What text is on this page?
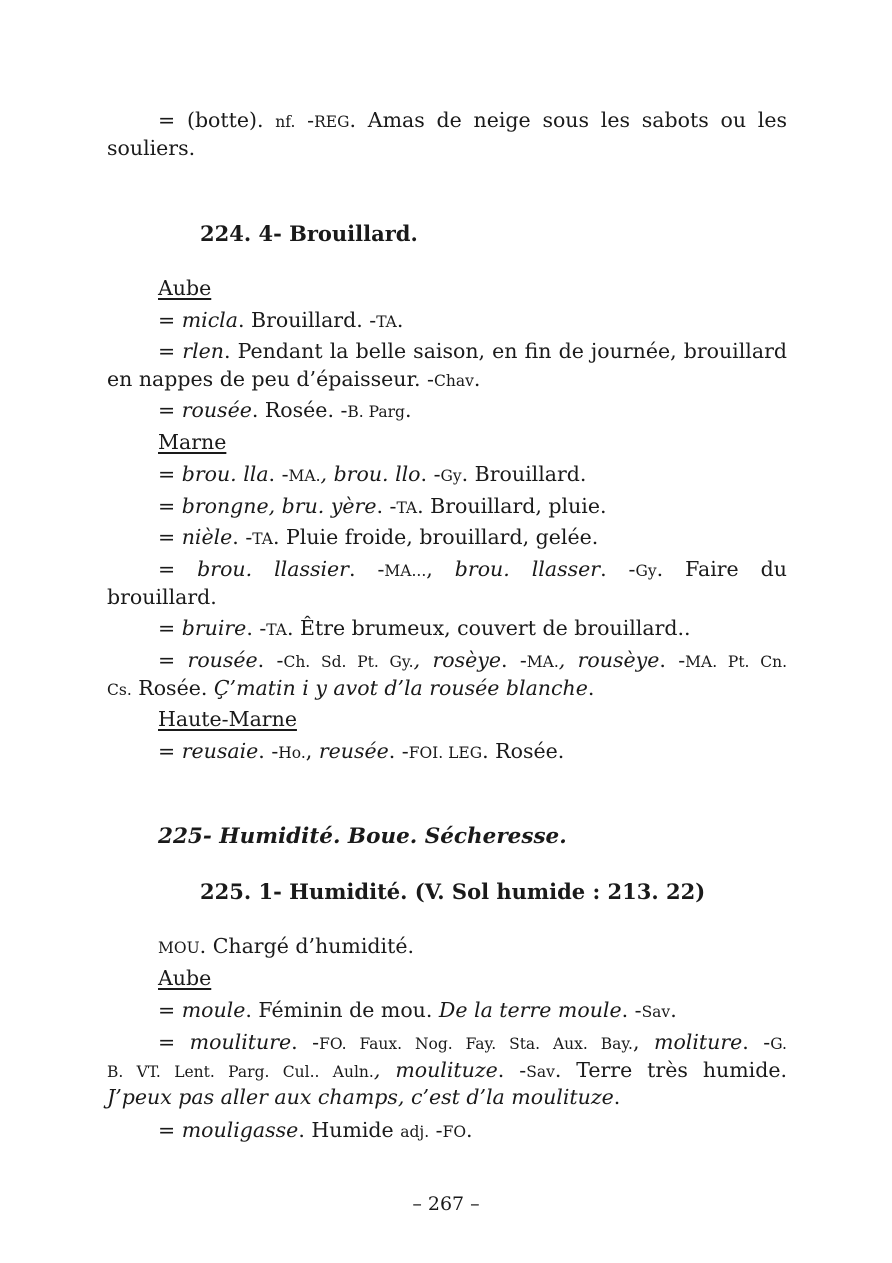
= (botte). nf. -REG. Amas de neige sous les sabots ou les
souliers.
224. 4- Brouillard.
Aube
= micla. Brouillard. -TA.
= rlen. Pendant la belle saison, en fin de journée, brouillard
en nappes de peu d’épaisseur. -Chav.
= rousée. Rosée. -B. Parg.
Marne
= brou. lla. -MA., brou. llo. -Gy. Brouillard.
= brongne, bru. yère. -TA. Brouillard, pluie.
= nièle. -TA. Pluie froide, brouillard, gelée.
= brou. llassier. -MA..., brou. llasser. -Gy. Faire du
brouillard.
= bruire. -TA. Être brumeux, couvert de brouillard..
= rousée. -Ch. Sd. Pt. Gy., rosèye. -MA., rousèye. -MA. Pt. Cn.
Cs. Rosée. Ç’matin i y avot d’la rousée blanche.
Haute-Marne
= reusaie. -Ho., reusée. -FOI. LEG. Rosée.
225- Humidité. Boue. Sécheresse.
225. 1- Humidité. (V. Sol humide : 213. 22)
MOU. Chargé d’humidité.
Aube
= moule. Féminin de mou. De la terre moule. -Sav.
= mouliture. -FO. Faux. Nog. Fay. Sta. Aux. Bay., moliture. -G.
B. VT. Lent. Parg. Cul.. Auln., moulituze. -Sav. Terre très humide.
J’peux pas aller aux champs, c’est d’la moulituze.
= mouligasse. Humide adj. -FO.
– 267 –
